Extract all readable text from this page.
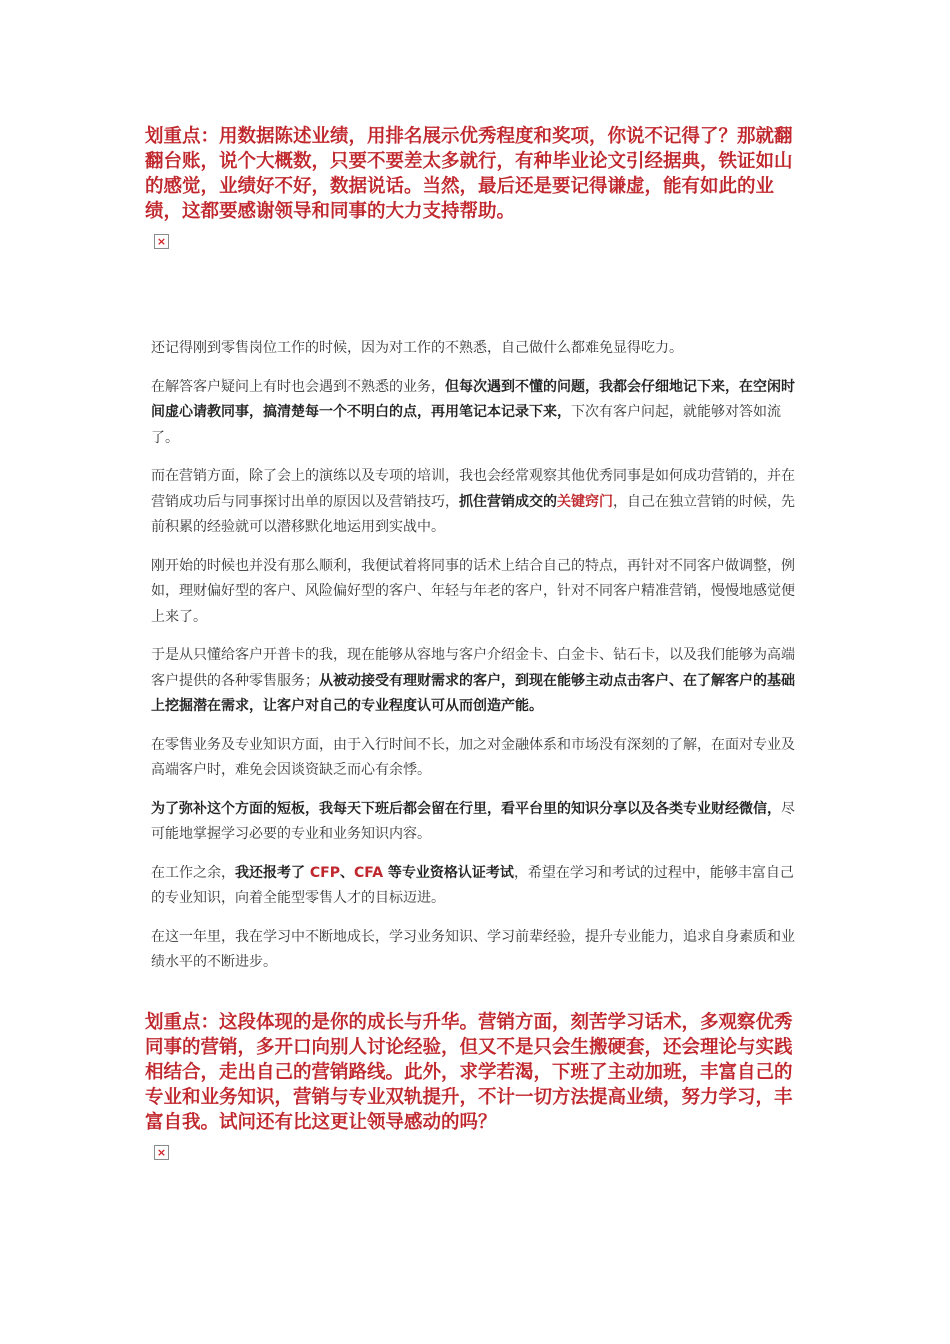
划重点：用数据陈述业绩，用排名展示优秀程度和奖项，你说不记得了？那就翻翻台账，说个大概数，只要不要差太多就行，有种毕业论文引经据典，铁证如山的感觉，业绩好不好，数据说话。当然，最后还是要记得谦虚，能有如此的业绩，这都要感谢领导和同事的大力支持帮助。

×

还记得刚到零售岗位工作的时候，因为对工作的不熟悉，自己做什么都难免显得吃力。

在解答客户疑问上有时也会遇到不熟悉的业务，但每次遇到不懂的问题，我都会仔细地记下来，在空闲时间虚心请教同事，搞清楚每一个不明白的点，再用笔记本记录下来，下次有客户问起，就能够对答如流了。

而在营销方面，除了会上的演练以及专项的培训，我也会经常观察其他优秀同事是如何成功营销的，并在营销成功后与同事探讨出单的原因以及营销技巧，抓住营销成交的关键窍门，自己在独立营销的时候，先前积累的经验就可以潜移默化地运用到实战中。

刚开始的时候也并没有那么顺利，我便试着将同事的话术上结合自己的特点，再针对不同客户做调整，例如，理财偏好型的客户、风险偏好型的客户、年轻与年老的客户，针对不同客户精准营销，慢慢地感觉便上来了。

于是从只懂给客户开普卡的我，现在能够从容地与客户介绍金卡、白金卡、钻石卡，以及我们能够为高端客户提供的各种零售服务；从被动接受有理财需求的客户，到现在能够主动点击客户、在了解客户的基础上挖掘潜在需求，让客户对自己的专业程度认可从而创造产能。

在零售业务及专业知识方面，由于入行时间不长，加之对金融体系和市场没有深刻的了解，在面对专业及高端客户时，难免会因谈资缺乏而心有余悸。

为了弥补这个方面的短板，我每天下班后都会留在行里，看平台里的知识分享以及各类专业财经微信，尽可能地掌握学习必要的专业和业务知识内容。

在工作之余，我还报考了 CFP、CFA 等专业资格认证考试，希望在学习和考试的过程中，能够丰富自己的专业知识，向着全能型零售人才的目标迈进。

在这一年里，我在学习中不断地成长，学习业务知识、学习前辈经验，提升专业能力，追求自身素质和业绩水平的不断进步。

划重点：这段体现的是你的成长与升华。营销方面，刻苦学习话术，多观察优秀同事的营销，多开口向别人讨论经验，但又不是只会生搬硬套，还会理论与实践相结合，走出自己的营销路线。此外，求学若渴，下班了主动加班，丰富自己的专业和业务知识，营销与专业双轨提升，不计一切方法提高业绩，努力学习，丰富自我。试问还有比这更让领导感动的吗？

×
